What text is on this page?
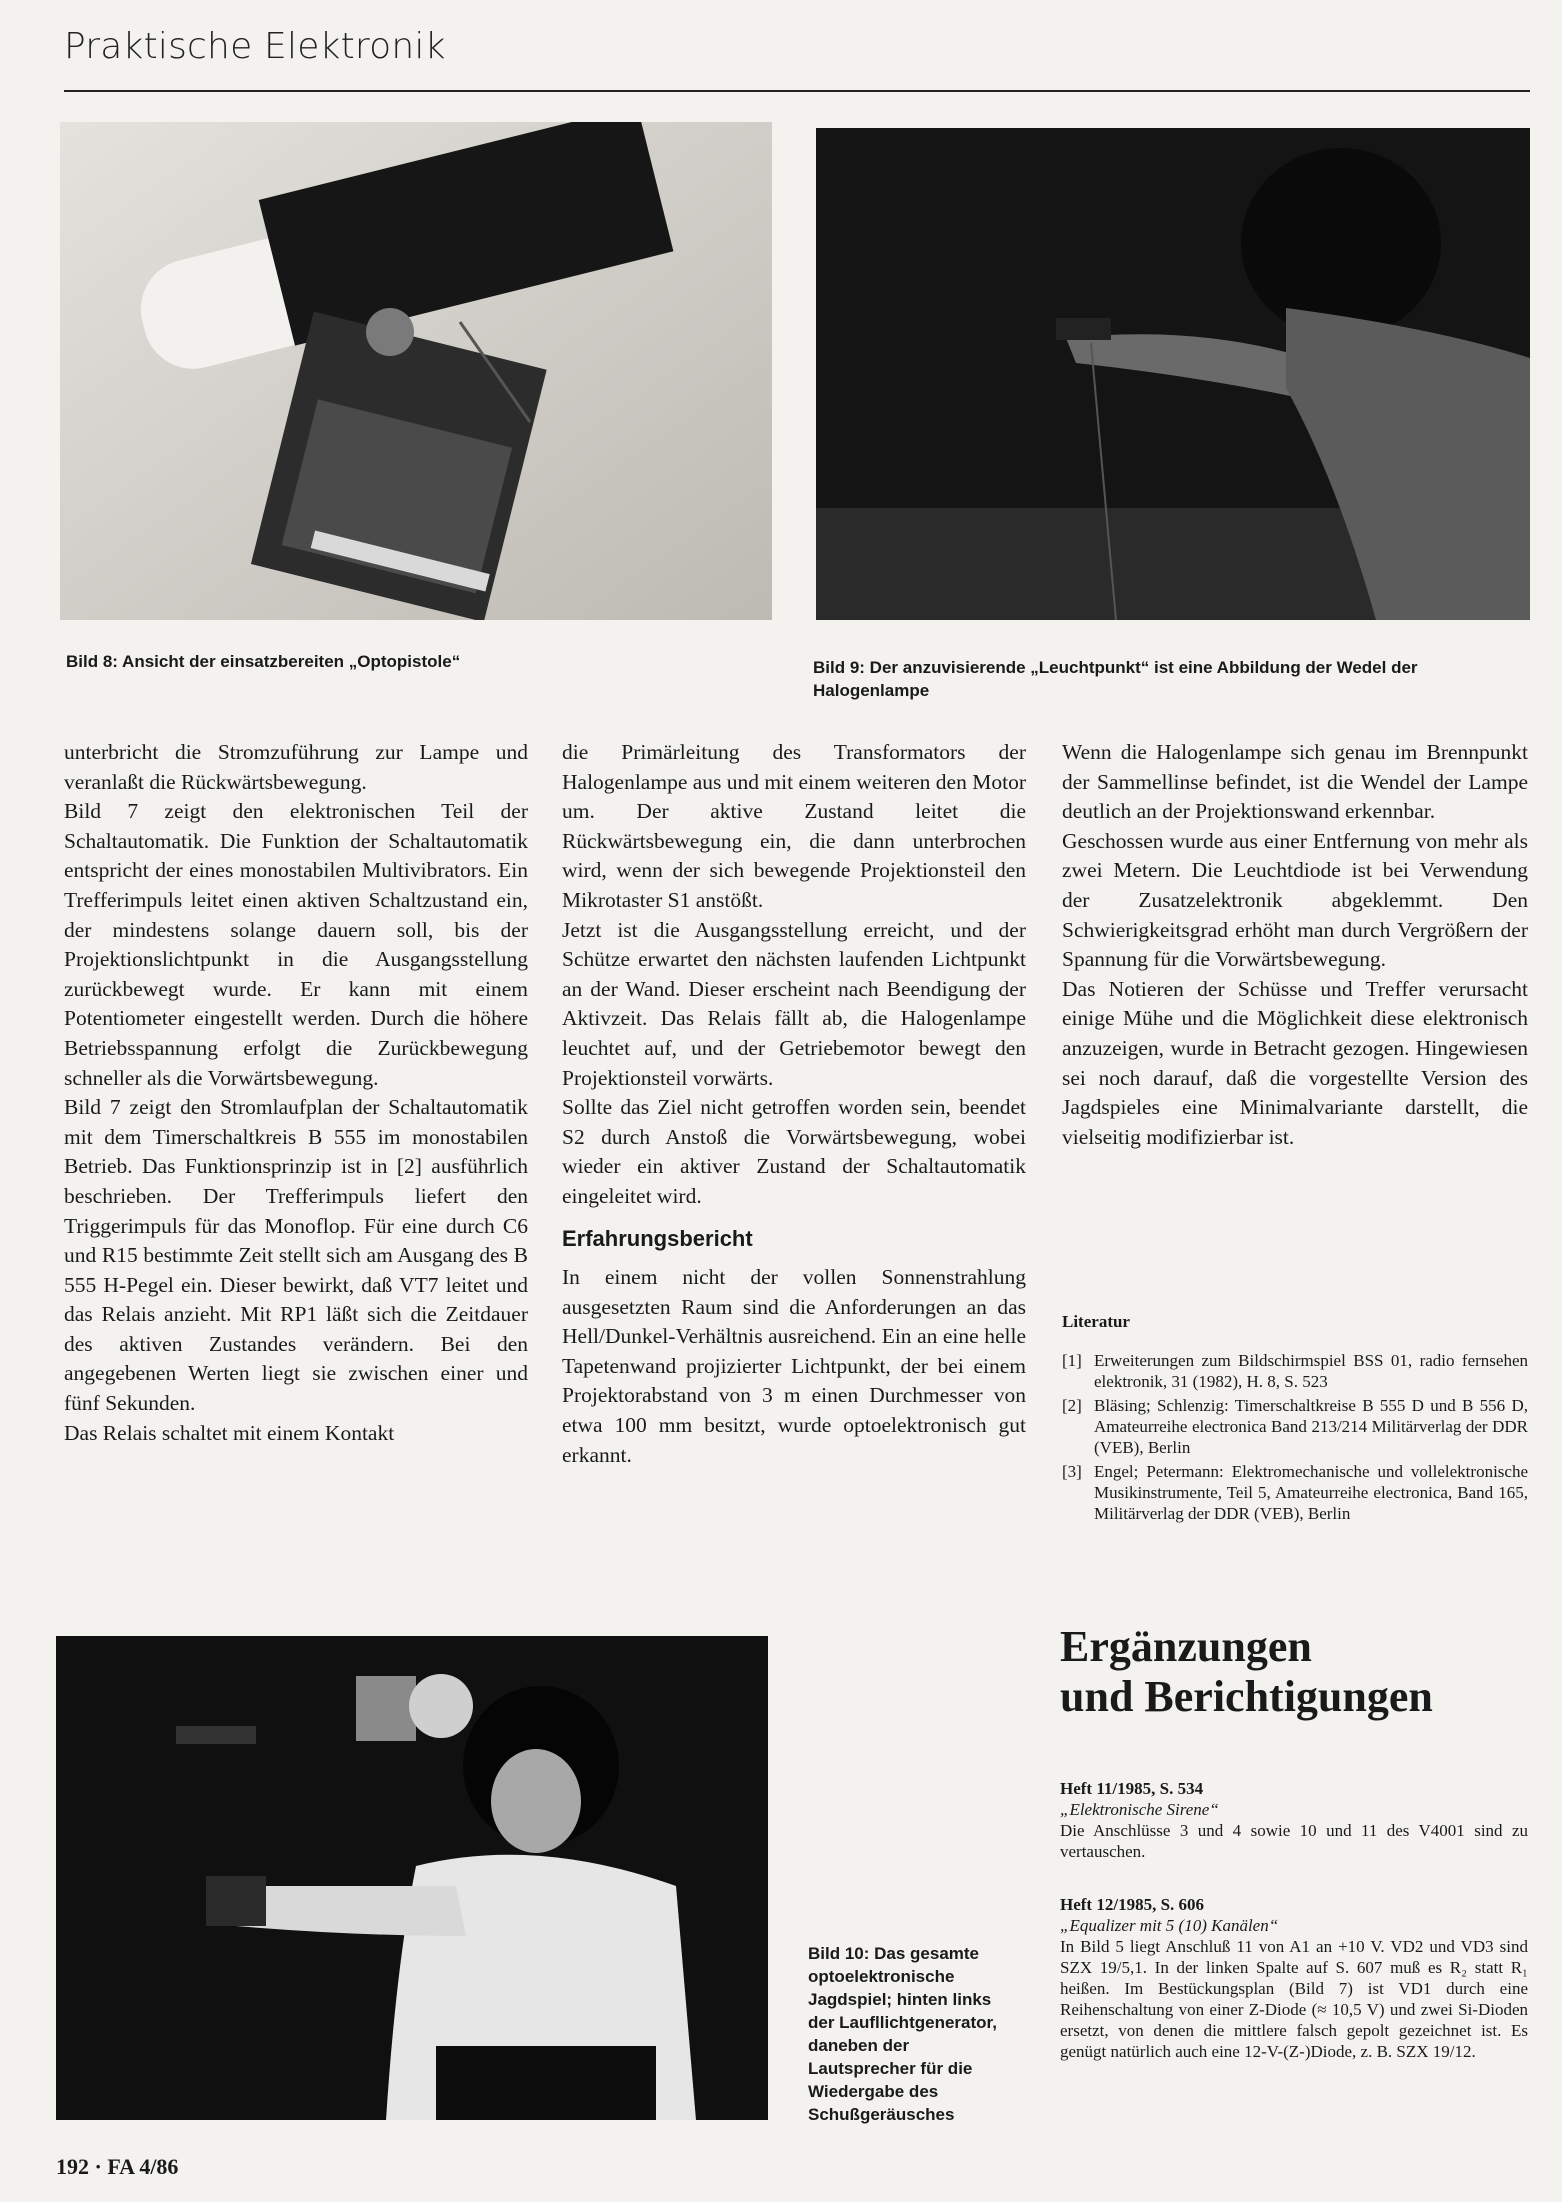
Praktische Elektronik
Bild 8: Ansicht der einsatzbereiten „Optopistole“	Bild 9: Der anzuvisierende „Leuchtpunkt“ ist eine Abbildung der Wedel der Halogenlampe

unterbricht die Stromzuführung zur Lampe und veranlaßt die Rückwärtsbewegung.

Bild 7 zeigt den elektronischen Teil der Schaltautomatik. Die Funktion der Schaltautomatik entspricht der eines monostabilen Multivibrators. Ein Trefferimpuls leitet einen aktiven Schaltzustand ein, der mindestens solange dauern soll, bis der Projektionslichtpunkt in die Ausgangsstellung zurückbewegt wurde. Er kann mit einem Potentiometer eingestellt werden. Durch die höhere Betriebsspannung erfolgt die Zurückbewegung schneller als die Vorwärtsbewegung.

Bild 7 zeigt den Stromlaufplan der Schaltautomatik mit dem Timerschaltkreis B 555 im monostabilen Betrieb. Das Funktionsprinzip ist in [2] ausführlich beschrieben. Der Trefferimpuls liefert den Triggerimpuls für das Monoflop. Für eine durch C6 und R15 bestimmte Zeit stellt sich am Ausgang des B 555 H-Pegel ein. Dieser bewirkt, daß VT7 leitet und das Relais anzieht. Mit RP1 läßt sich die Zeitdauer des aktiven Zustandes verändern. Bei den angegebenen Werten liegt sie zwischen einer und fünf Sekunden.

Das Relais schaltet mit einem Kontakt

die Primärleitung des Transformators der Halogenlampe aus und mit einem weiteren den Motor um. Der aktive Zustand leitet die Rückwärtsbewegung ein, die dann unterbrochen wird, wenn der sich bewegende Projektionsteil den Mikrotaster S1 anstößt.

Jetzt ist die Ausgangsstellung erreicht, und der Schütze erwartet den nächsten laufenden Lichtpunkt an der Wand. Dieser erscheint nach Beendigung der Aktivzeit. Das Relais fällt ab, die Halogenlampe leuchtet auf, und der Getriebemotor bewegt den Projektionsteil vorwärts.

Sollte das Ziel nicht getroffen worden sein, beendet S2 durch Anstoß die Vorwärtsbewegung, wobei wieder ein aktiver Zustand der Schaltautomatik eingeleitet wird.

Erfahrungsbericht

In einem nicht der vollen Sonnenstrahlung ausgesetzten Raum sind die Anforderungen an das Hell/Dunkel-Verhältnis ausreichend. Ein an eine helle Tapetenwand projizierter Lichtpunkt, der bei einem Projektorabstand von 3 m einen Durchmesser von etwa 100 mm besitzt, wurde optoelektronisch gut erkannt.

Wenn die Halogenlampe sich genau im Brennpunkt der Sammellinse befindet, ist die Wendel der Lampe deutlich an der Projektionswand erkennbar.

Geschossen wurde aus einer Entfernung von mehr als zwei Metern. Die Leuchtdiode ist bei Verwendung der Zusatzelektronik abgeklemmt. Den Schwierigkeitsgrad erhöht man durch Vergrößern der Spannung für die Vorwärtsbewegung.

Das Notieren der Schüsse und Treffer verursacht einige Mühe und die Möglichkeit diese elektronisch anzuzeigen, wurde in Betracht gezogen. Hingewiesen sei noch darauf, daß die vorgestellte Version des Jagdspieles eine Minimalvariante darstellt, die vielseitig modifizierbar ist.

Literatur
[1] Erweiterungen zum Bildschirmspiel BSS 01, radio fernsehen elektronik, 31 (1982), H. 8, S. 523
[2] Bläsing; Schlenzig: Timerschaltkreise B 555 D und B 556 D, Amateurreihe electronica Band 213/214 Militärverlag der DDR (VEB), Berlin
[3] Engel; Petermann: Elektromechanische und vollelektronische Musikinstrumente, Teil 5, Amateurreihe electronica, Band 165, Militärverlag der DDR (VEB), Berlin
Bild 10: Das gesamte optoelektronische Jagdspiel; hinten links der Laufllichtgenerator, daneben der Lautsprecher für die Wiedergabe des Schußgeräusches
Ergänzungen
und Berichtigungen
Heft 11/1985, S. 534
„Elektronische Sirene“
Die Anschlüsse 3 und 4 sowie 10 und 11 des V4001 sind zu vertauschen.
Heft 12/1985, S. 606
„Equalizer mit 5 (10) Kanälen“
In Bild 5 liegt Anschluß 11 von A1 an +10 V. VD2 und VD3 sind SZX 19/5,1. In der linken Spalte auf S. 607 muß es R₂ statt R₁ heißen. Im Bestückungsplan (Bild 7) ist VD1 durch eine Reihenschaltung von einer Z-Diode (≈ 10,5 V) und zwei Si-Dioden ersetzt, von denen die mittlere falsch gepolt gezeichnet ist. Es genügt natürlich auch eine 12-V-(Z-)Diode, z. B. SZX 19/12.
192 · FA 4/86
